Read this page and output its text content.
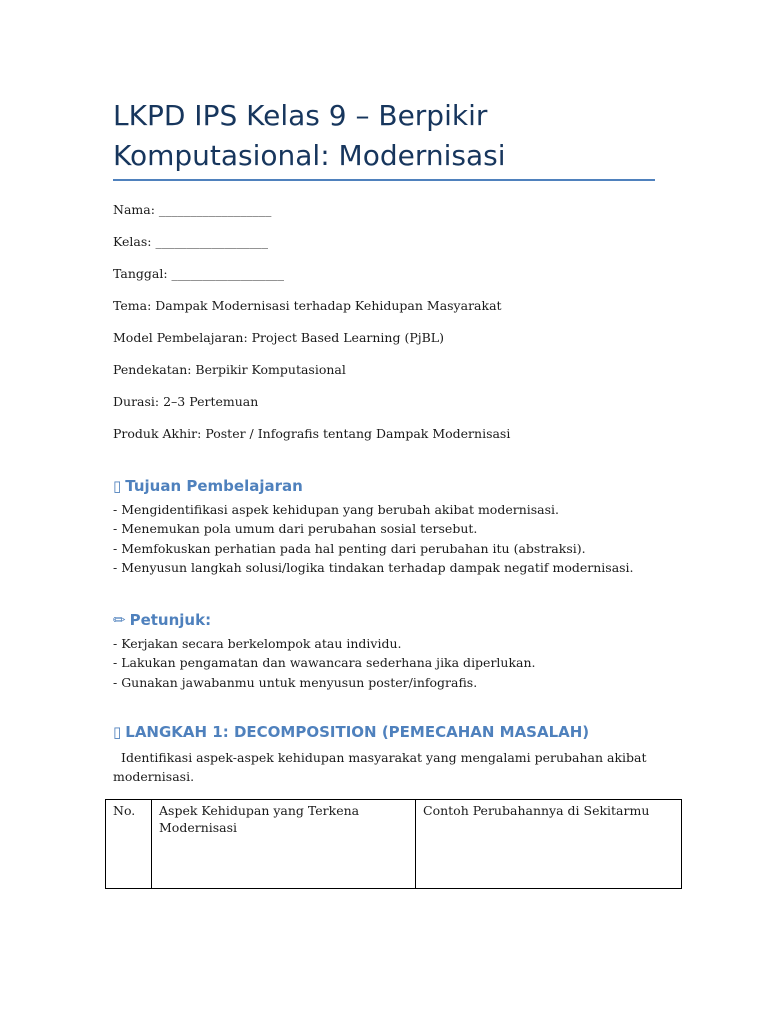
LKPD IPS Kelas 9 – Berpikir Komputasional: Modernisasi

Nama: __________________

Kelas: __________________

Tanggal: __________________

Tema: Dampak Modernisasi terhadap Kehidupan Masyarakat

Model Pembelajaran: Project Based Learning (PjBL)

Pendekatan: Berpikir Komputasional

Durasi: 2–3 Pertemuan

Produk Akhir: Poster / Infografis tentang Dampak Modernisasi

▯ Tujuan Pembelajaran
- Mengidentifikasi aspek kehidupan yang berubah akibat modernisasi.
- Menemukan pola umum dari perubahan sosial tersebut.
- Memfokuskan perhatian pada hal penting dari perubahan itu (abstraksi).
- Menyusun langkah solusi/logika tindakan terhadap dampak negatif modernisasi.
✏ Petunjuk:
- Kerjakan secara berkelompok atau individu.
- Lakukan pengamatan dan wawancara sederhana jika diperlukan.
- Gunakan jawabanmu untuk menyusun poster/infografis.
▯ LANGKAH 1: DECOMPOSITION (PEMECAHAN MASALAH)

Identifikasi aspek-aspek kehidupan masyarakat yang mengalami perubahan akibat modernisasi.

No.	Aspek Kehidupan yang Terkena Modernisasi	Contoh Perubahannya di Sekitarmu
